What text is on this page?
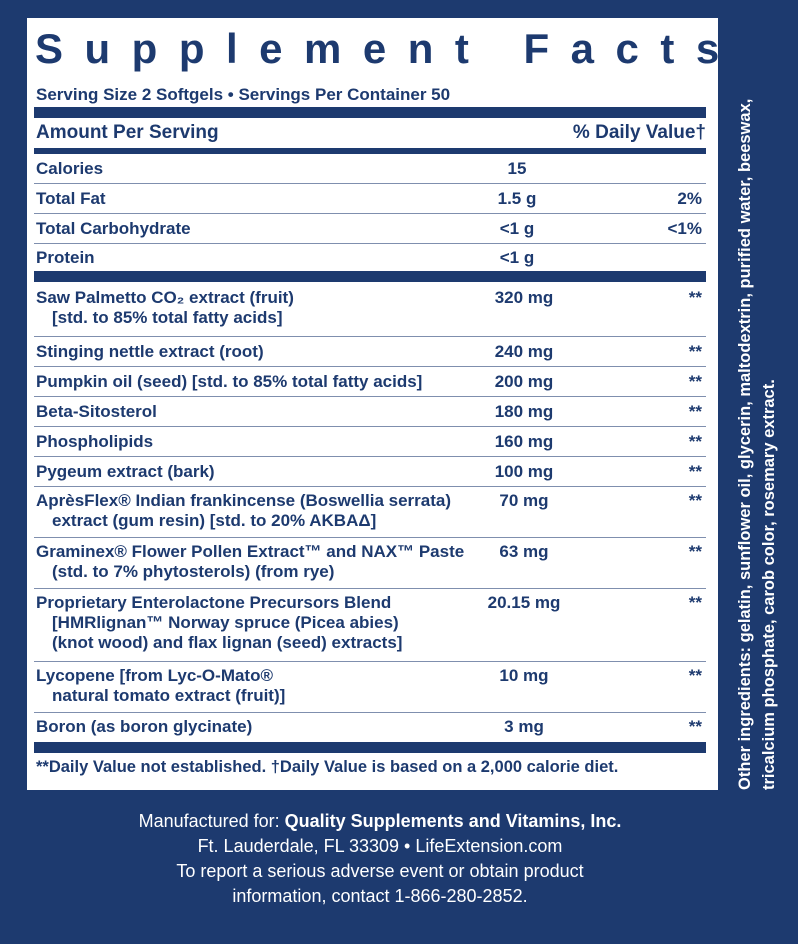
Supplement Facts
Serving Size 2 Softgels • Servings Per Container 50
Amount Per Serving	% Daily Value†
Calories	15
Total Fat	1.5 g	2%
Total Carbohydrate	<1 g	<1%
Protein	<1 g
Saw Palmetto CO₂ extract (fruit)
[std. to 85% total fatty acids]
320 mg	**
Stinging nettle extract (root)	240 mg	**
Pumpkin oil (seed) [std. to 85% total fatty acids]	200 mg	**
Beta-Sitosterol	180 mg	**
Phospholipids	160 mg	**
Pygeum extract (bark)	100 mg	**
AprèsFlex® Indian frankincense (Boswellia serrata)
extract (gum resin) [std. to 20% AKBAΔ]
70 mg	**
Graminex® Flower Pollen Extract™ and NAX™ Paste
(std. to 7% phytosterols) (from rye)
63 mg	**
Proprietary Enterolactone Precursors Blend
[HMRlignan™ Norway spruce (Picea abies)
(knot wood) and flax lignan (seed) extracts]
20.15 mg	**
Lycopene [from Lyc-O-Mato®
natural tomato extract (fruit)]
10 mg	**
Boron (as boron glycinate)	3 mg	**
**Daily Value not established. †Daily Value is based on a 2,000 calorie diet.	Other ingredients: gelatin, sunflower oil, glycerin, maltodextrin, purified water, beeswax, tricalcium phosphate, carob color, rosemary extract.
Manufactured for: Quality Supplements and Vitamins, Inc.
Ft. Lauderdale, FL 33309 • LifeExtension.com
To report a serious adverse event or obtain product
information, contact 1-866-280-2852.
